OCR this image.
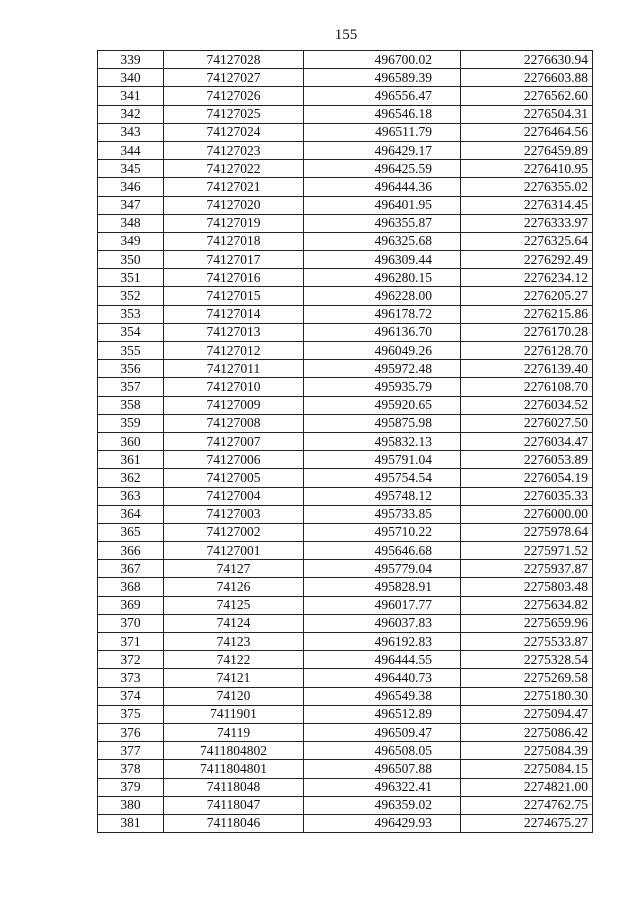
155
339	74127028	496700.02	2276630.94
340	74127027	496589.39	2276603.88
341	74127026	496556.47	2276562.60
342	74127025	496546.18	2276504.31
343	74127024	496511.79	2276464.56
344	74127023	496429.17	2276459.89
345	74127022	496425.59	2276410.95
346	74127021	496444.36	2276355.02
347	74127020	496401.95	2276314.45
348	74127019	496355.87	2276333.97
349	74127018	496325.68	2276325.64
350	74127017	496309.44	2276292.49
351	74127016	496280.15	2276234.12
352	74127015	496228.00	2276205.27
353	74127014	496178.72	2276215.86
354	74127013	496136.70	2276170.28
355	74127012	496049.26	2276128.70
356	74127011	495972.48	2276139.40
357	74127010	495935.79	2276108.70
358	74127009	495920.65	2276034.52
359	74127008	495875.98	2276027.50
360	74127007	495832.13	2276034.47
361	74127006	495791.04	2276053.89
362	74127005	495754.54	2276054.19
363	74127004	495748.12	2276035.33
364	74127003	495733.85	2276000.00
365	74127002	495710.22	2275978.64
366	74127001	495646.68	2275971.52
367	74127	495779.04	2275937.87
368	74126	495828.91	2275803.48
369	74125	496017.77	2275634.82
370	74124	496037.83	2275659.96
371	74123	496192.83	2275533.87
372	74122	496444.55	2275328.54
373	74121	496440.73	2275269.58
374	74120	496549.38	2275180.30
375	7411901	496512.89	2275094.47
376	74119	496509.47	2275086.42
377	7411804802	496508.05	2275084.39
378	7411804801	496507.88	2275084.15
379	74118048	496322.41	2274821.00
380	74118047	496359.02	2274762.75
381	74118046	496429.93	2274675.27
